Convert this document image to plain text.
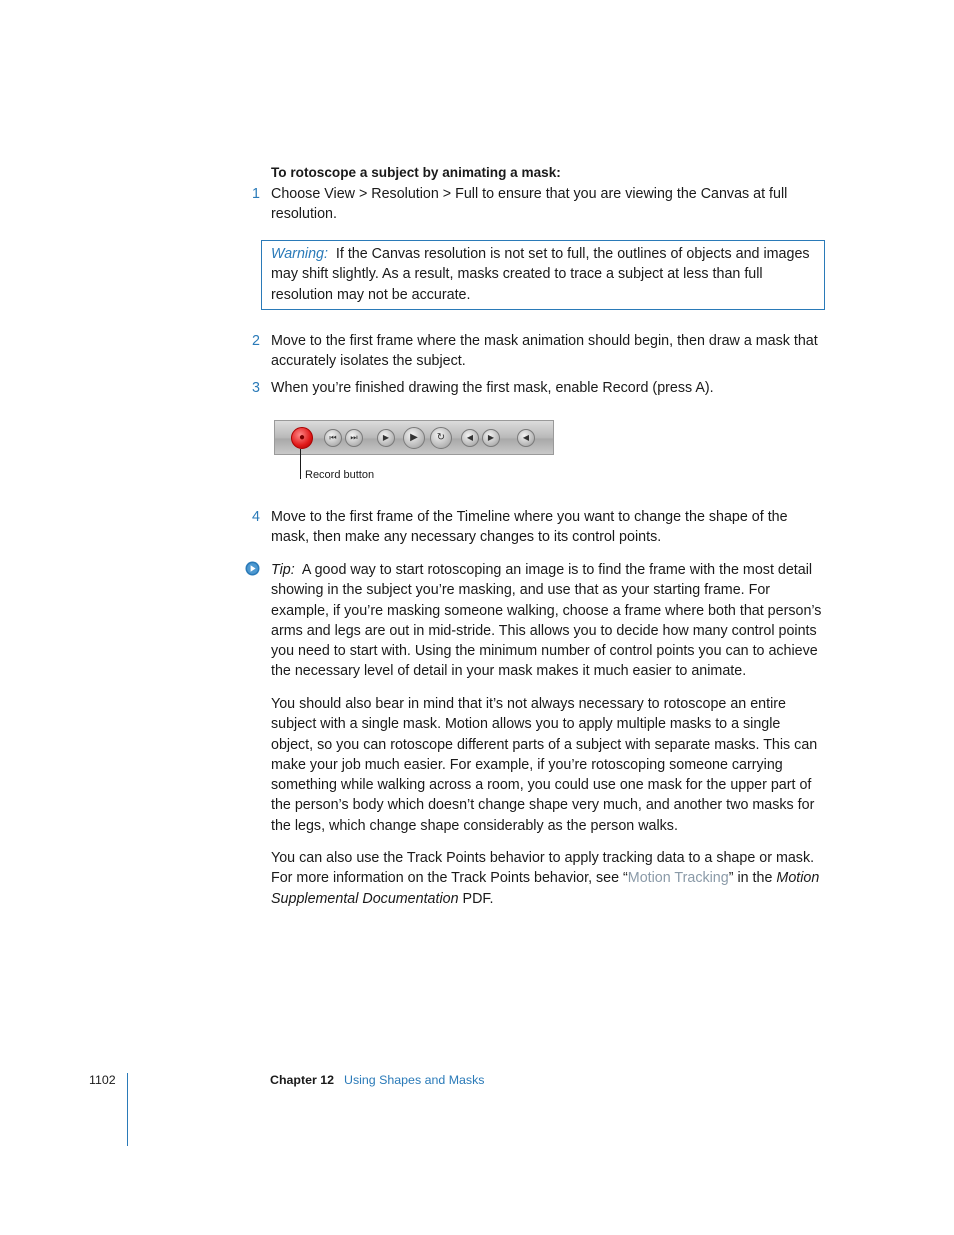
To rotoscope a subject by animating a mask:
1 Choose View > Resolution > Full to ensure that you are viewing the Canvas at full resolution.
Warning: If the Canvas resolution is not set to full, the outlines of objects and images may shift slightly. As a result, masks created to trace a subject at less than full resolution may not be accurate.
2 Move to the first frame where the mask animation should begin, then draw a mask that accurately isolates the subject.
3 When you’re finished drawing the first mask, enable Record (press A).
●	⏮	⏭	▶	▶	↻	◀	▶	◀
Record button
4 Move to the first frame of the Timeline where you want to change the shape of the mask, then make any necessary changes to its control points.
Tip: A good way to start rotoscoping an image is to find the frame with the most detail showing in the subject you’re masking, and use that as your starting frame. For example, if you’re masking someone walking, choose a frame where both that person’s arms and legs are out in mid-stride. This allows you to decide how many control points you need to start with. Using the minimum number of control points you can to achieve the necessary level of detail in your mask makes it much easier to animate.
You should also bear in mind that it’s not always necessary to rotoscope an entire subject with a single mask. Motion allows you to apply multiple masks to a single object, so you can rotoscope different parts of a subject with separate masks. This can make your job much easier. For example, if you’re rotoscoping someone carrying something while walking across a room, you could use one mask for the upper part of the person’s body which doesn’t change shape very much, and another two masks for the legs, which change shape considerably as the person walks.
You can also use the Track Points behavior to apply tracking data to a shape or mask. For more information on the Track Points behavior, see “Motion Tracking” in the Motion Supplemental Documentation PDF.
1102	Chapter 12 Using Shapes and Masks
